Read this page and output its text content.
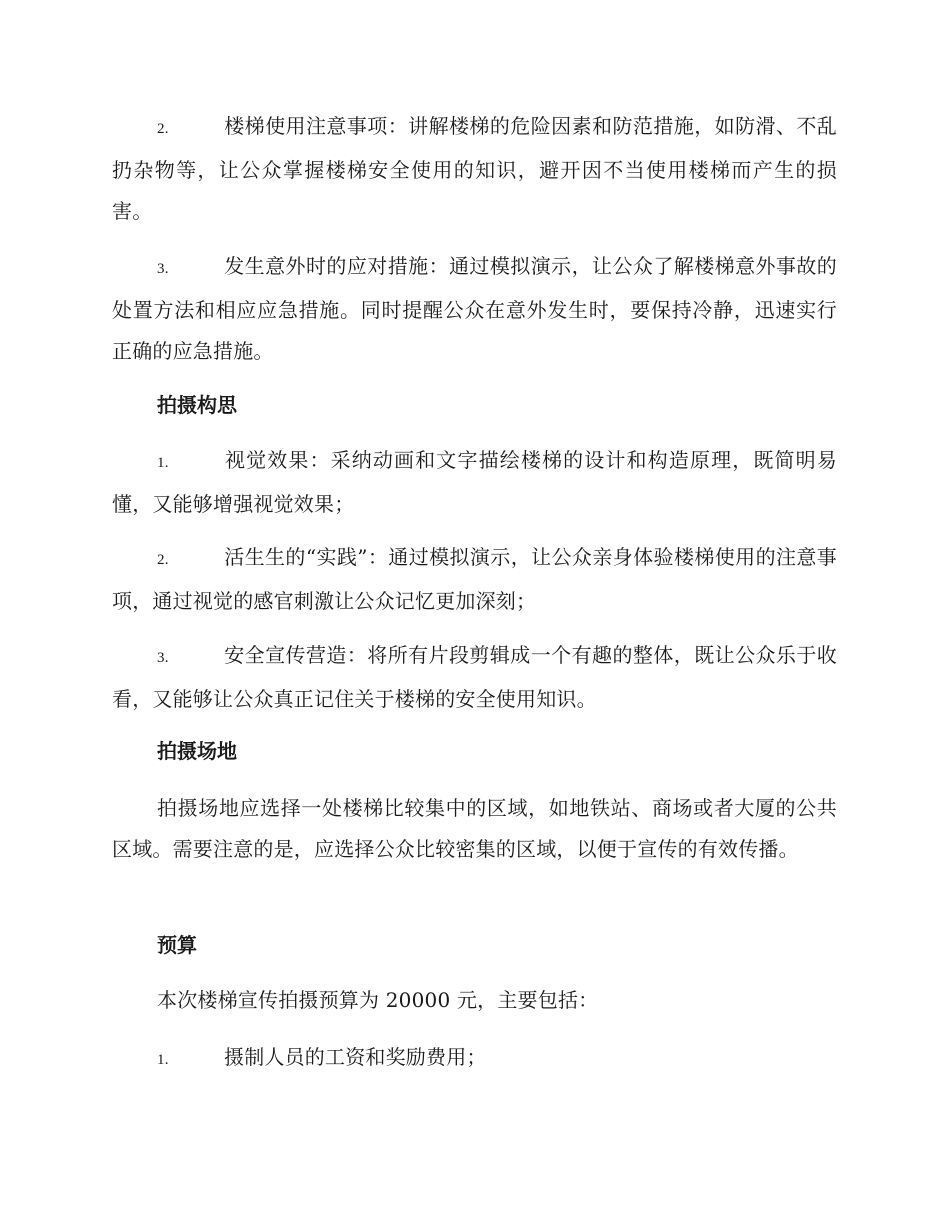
2.	楼梯使用注意事项：讲解楼梯的危险因素和防范措施，如防滑、不乱扔杂物等，让公众掌握楼梯安全使用的知识，避开因不当使用楼梯而产生的损害。

3.	发生意外时的应对措施：通过模拟演示，让公众了解楼梯意外事故的处置方法和相应应急措施。同时提醒公众在意外发生时，要保持冷静，迅速实行正确的应急措施。

拍摄构思

1.	视觉效果：采纳动画和文字描绘楼梯的设计和构造原理，既简明易懂，又能够增强视觉效果；

2.	活生生的“实践”：通过模拟演示，让公众亲身体验楼梯使用的注意事项，通过视觉的感官刺激让公众记忆更加深刻；

3.	安全宣传营造：将所有片段剪辑成一个有趣的整体，既让公众乐于收看，又能够让公众真正记住关于楼梯的安全使用知识。

拍摄场地

拍摄场地应选择一处楼梯比较集中的区域，如地铁站、商场或者大厦的公共区域。需要注意的是，应选择公众比较密集的区域，以便于宣传的有效传播。

预算

本次楼梯宣传拍摄预算为 20000 元，主要包括：

1.	摄制人员的工资和奖励费用；
